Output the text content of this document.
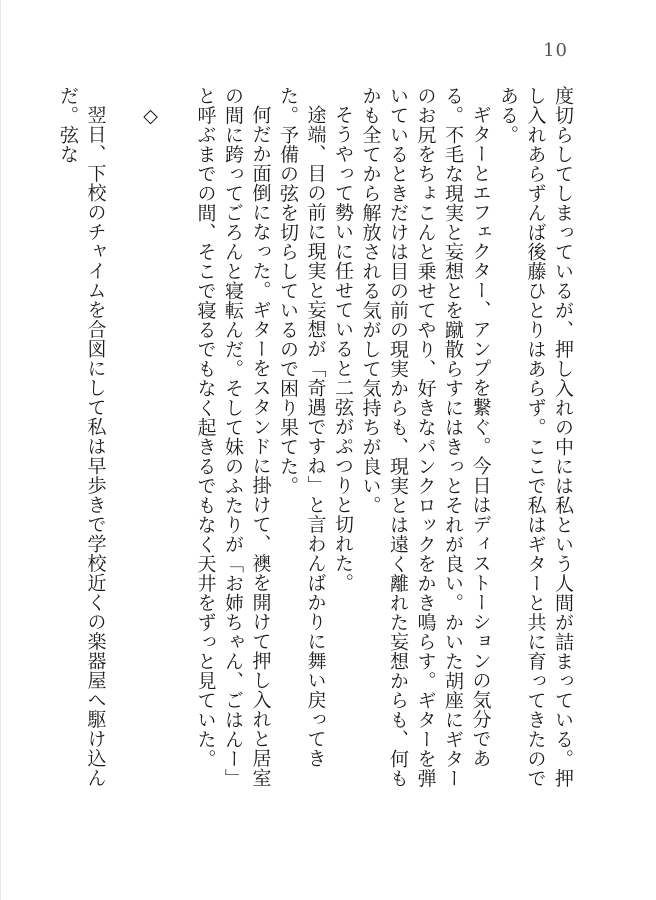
10

度切らしてしまっているが、押し入れの中には私という人間が詰まっている。押し入れあらずんば後藤ひとりはあらず。ここで私はギターと共に育ってきたのである。

ギターとエフェクター、アンプを繋ぐ。今日はディストーションの気分である。不毛な現実と妄想とを蹴散らすにはきっとそれが良い。かいた胡座にギターのお尻をちょこんと乗せてやり、好きなパンクロックをかき鳴らす。ギターを弾いているときだけは目の前の現実からも、現実とは遠く離れた妄想からも、何もかも全てから解放される気がして気持ちが良い。

そうやって勢いに任せていると二弦がぷつりと切れた。

途端、目の前に現実と妄想が「奇遇ですね」と言わんばかりに舞い戻ってきた。予備の弦を切らしているので困り果てた。

何だか面倒になった。ギターをスタンドに掛けて、襖を開けて押し入れと居室の間に跨ってごろんと寝転んだ。そして妹のふたりが「お姉ちゃん、ごはんー」と呼ぶまでの間、そこで寝るでもなく起きるでもなく天井をずっと見ていた。

◇

翌日、下校のチャイムを合図にして私は早歩きで学校近くの楽器屋へ駆け込んだ。弦な
